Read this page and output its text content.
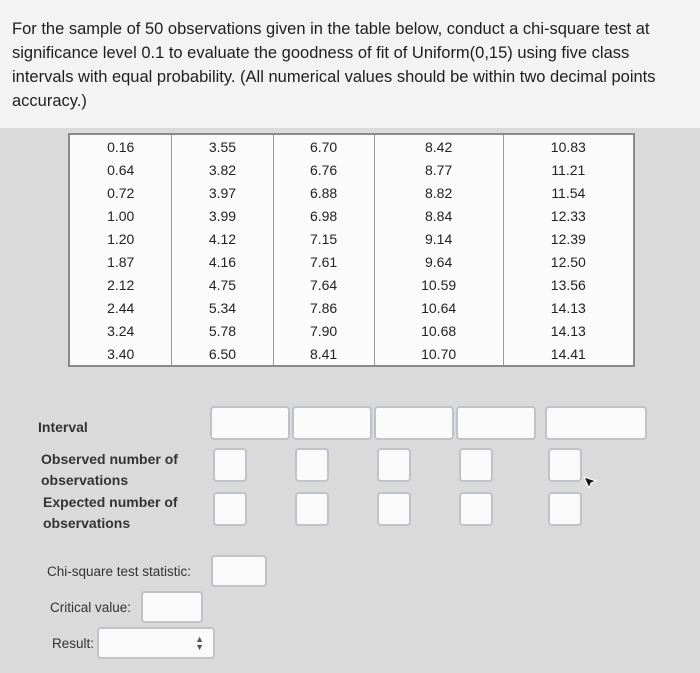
For the sample of 50 observations given in the table below, conduct a chi-square test at significance level 0.1 to evaluate the goodness of fit of Uniform(0,15) using five class intervals with equal probability. (All numerical values should be within two decimal points accuracy.)
0.16	3.55	6.70	8.42	10.83
0.64	3.82	6.76	8.77	11.21
0.72	3.97	6.88	8.82	11.54
1.00	3.99	6.98	8.84	12.33
1.20	4.12	7.15	9.14	12.39
1.87	4.16	7.61	9.64	12.50
2.12	4.75	7.64	10.59	13.56
2.44	5.34	7.86	10.64	14.13
3.24	5.78	7.90	10.68	14.13
3.40	6.50	8.41	10.70	14.41
Interval
Observed number of
observations
Expected number of
observations
Chi-square test statistic:
Critical value:
Result:	▲
▼
